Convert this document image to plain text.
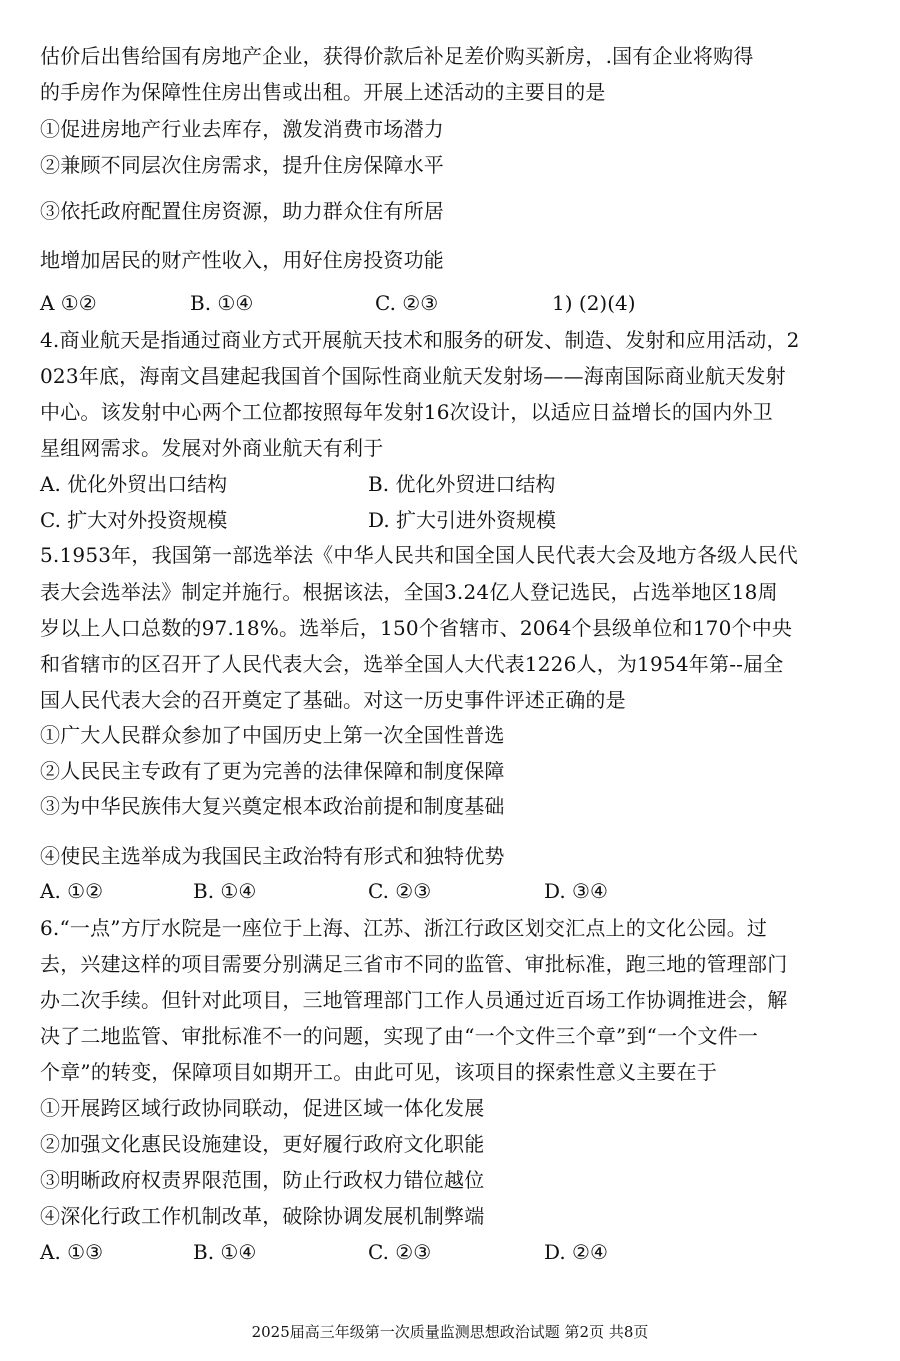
估价后出售给国有房地产企业，获得价款后补足差价购买新房，.国有企业将购得
的手房作为保障性住房出售或出租。开展上述活动的主要目的是
①促进房地产行业去库存，激发消费市场潜力
②兼顾不同层次住房需求，提升住房保障水平
③依托政府配置住房资源，助力群众住有所居
地增加居民的财产性收入，用好住房投资功能
A ①②	B. ①④	C. ②③	1) (2)(4)
4.商业航天是指通过商业方式开展航天技术和服务的研发、制造、发射和应用活动，2
023年底，海南文昌建起我国首个国际性商业航天发射场——海南国际商业航天发射
中心。该发射中心两个工位都按照每年发射16次设计，以适应日益增长的国内外卫
星组网需求。发展对外商业航天有利于
A. 优化外贸出口结构	B. 优化外贸进口结构
C. 扩大对外投资规模	D. 扩大引进外资规模
5.1953年，我国第一部选举法《中华人民共和国全国人民代表大会及地方各级人民代
表大会选举法》制定并施行。根据该法，全国3.24亿人登记选民，占选举地区18周
岁以上人口总数的97.18%。选举后，150个省辖市、2064个县级单位和170个中央
和省辖市的区召开了人民代表大会，选举全国人大代表1226人，为1954年第--届全
国人民代表大会的召开奠定了基础。对这一历史事件评述正确的是
①广大人民群众参加了中国历史上第一次全国性普选
②人民民主专政有了更为完善的法律保障和制度保障
③为中华民族伟大复兴奠定根本政治前提和制度基础
④使民主选举成为我国民主政治特有形式和独特优势
A. ①②	B. ①④	C. ②③	D. ③④
6.“一点”方厅水院是一座位于上海、江苏、浙江行政区划交汇点上的文化公园。过
去，兴建这样的项目需要分别满足三省市不同的监管、审批标准，跑三地的管理部门
办二次手续。但针对此项目，三地管理部门工作人员通过近百场工作协调推进会，解
决了二地监管、审批标准不一的问题，实现了由“一个文件三个章”到“一个文件一
个章”的转变，保障项目如期开工。由此可见，该项目的探索性意义主要在于
①开展跨区域行政协同联动，促进区域一体化发展
②加强文化惠民设施建设，更好履行政府文化职能
③明晰政府权责界限范围，防止行政权力错位越位
④深化行政工作机制改革，破除协调发展机制弊端
A. ①③	B. ①④	C. ②③	D. ②④
2025届高三年级第一次质量监测思想政治试题 第2页 共8页
